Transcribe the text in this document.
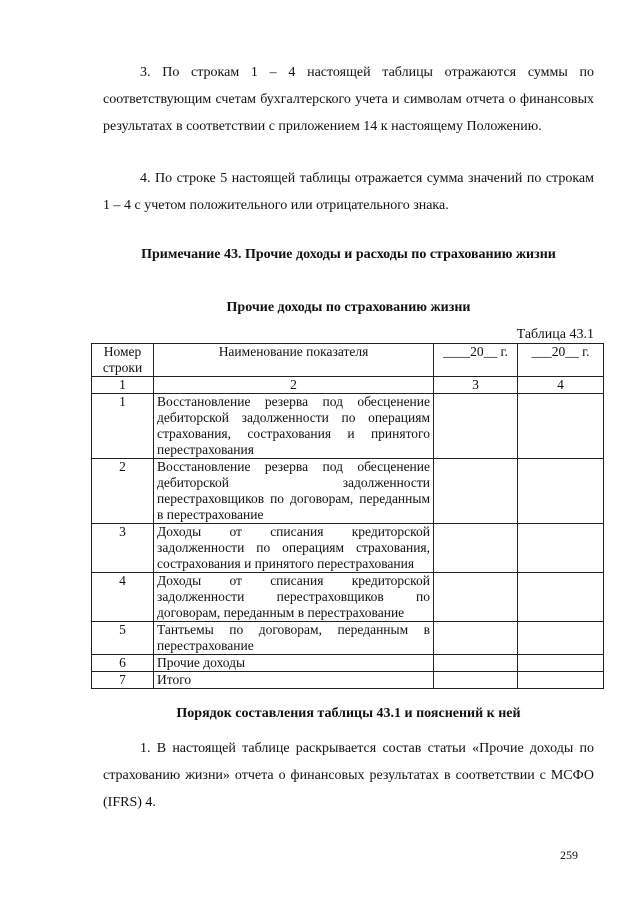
3. По строкам 1 – 4 настоящей таблицы отражаются суммы по соответствующим счетам бухгалтерского учета и символам отчета о финансовых результатах в соответствии с приложением 14 к настоящему Положению.

4. По строке 5 настоящей таблицы отражается сумма значений по строкам 1 – 4 с учетом положительного или отрицательного знака.

Примечание 43. Прочие доходы и расходы по страхованию жизни
Прочие доходы по страхованию жизни
Таблица 43.1
Номер строки	Наименование показателя	____20__ г.	___20__ г.
1	2	3	4
1	Восстановление резерва под обесценение дебиторской задолженности по операциям страхования, сострахования и принятого перестрахования		
2	Восстановление резерва под обесценение дебиторской задолженности перестраховщиков по договорам, переданным в перестрахование		
3	Доходы от списания кредиторской задолженности по операциям страхования, сострахования и принятого перестрахования		
4	Доходы от списания кредиторской задолженности перестраховщиков по договорам, переданным в перестрахование		
5	Тантьемы по договорам, переданным в перестрахование		
6	Прочие доходы		
7	Итого		
Порядок составления таблицы 43.1 и пояснений к ней

1. В настоящей таблице раскрывается состав статьи «Прочие доходы по страхованию жизни» отчета о финансовых результатах в соответствии с МСФО (IFRS) 4.

259
